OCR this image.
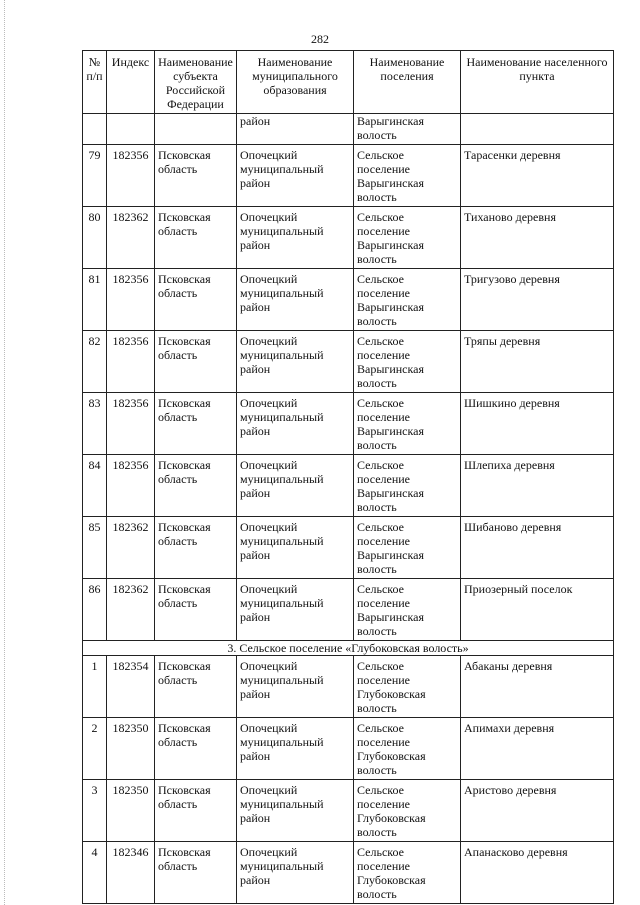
282
№ п/п	Индекс	Наименование субъекта Российской Федерации	Наименование муниципального образования	Наименование поселения	Наименование населенного пункта
			район	Варыгинская волость	
79	182356	Псковская область	Опочецкий муниципальный район	Сельское поселение Варыгинская волость	Тарасенки деревня
80	182362	Псковская область	Опочецкий муниципальный район	Сельское поселение Варыгинская волость	Тиханово деревня
81	182356	Псковская область	Опочецкий муниципальный район	Сельское поселение Варыгинская волость	Тригузово деревня
82	182356	Псковская область	Опочецкий муниципальный район	Сельское поселение Варыгинская волость	Тряпы деревня
83	182356	Псковская область	Опочецкий муниципальный район	Сельское поселение Варыгинская волость	Шишкино деревня
84	182356	Псковская область	Опочецкий муниципальный район	Сельское поселение Варыгинская волость	Шлепиха деревня
85	182362	Псковская область	Опочецкий муниципальный район	Сельское поселение Варыгинская волость	Шибаново деревня
86	182362	Псковская область	Опочецкий муниципальный район	Сельское поселение Варыгинская волость	Приозерный поселок
3. Сельское поселение «Глубоковская волость»					
1	182354	Псковская область	Опочецкий муниципальный район	Сельское поселение Глубоковская волость	Абаканы деревня
2	182350	Псковская область	Опочецкий муниципальный район	Сельское поселение Глубоковская волость	Апимахи деревня
3	182350	Псковская область	Опочецкий муниципальный район	Сельское поселение Глубоковская волость	Аристово деревня
4	182346	Псковская область	Опочецкий муниципальный район	Сельское поселение Глубоковская волость	Апанасково деревня
